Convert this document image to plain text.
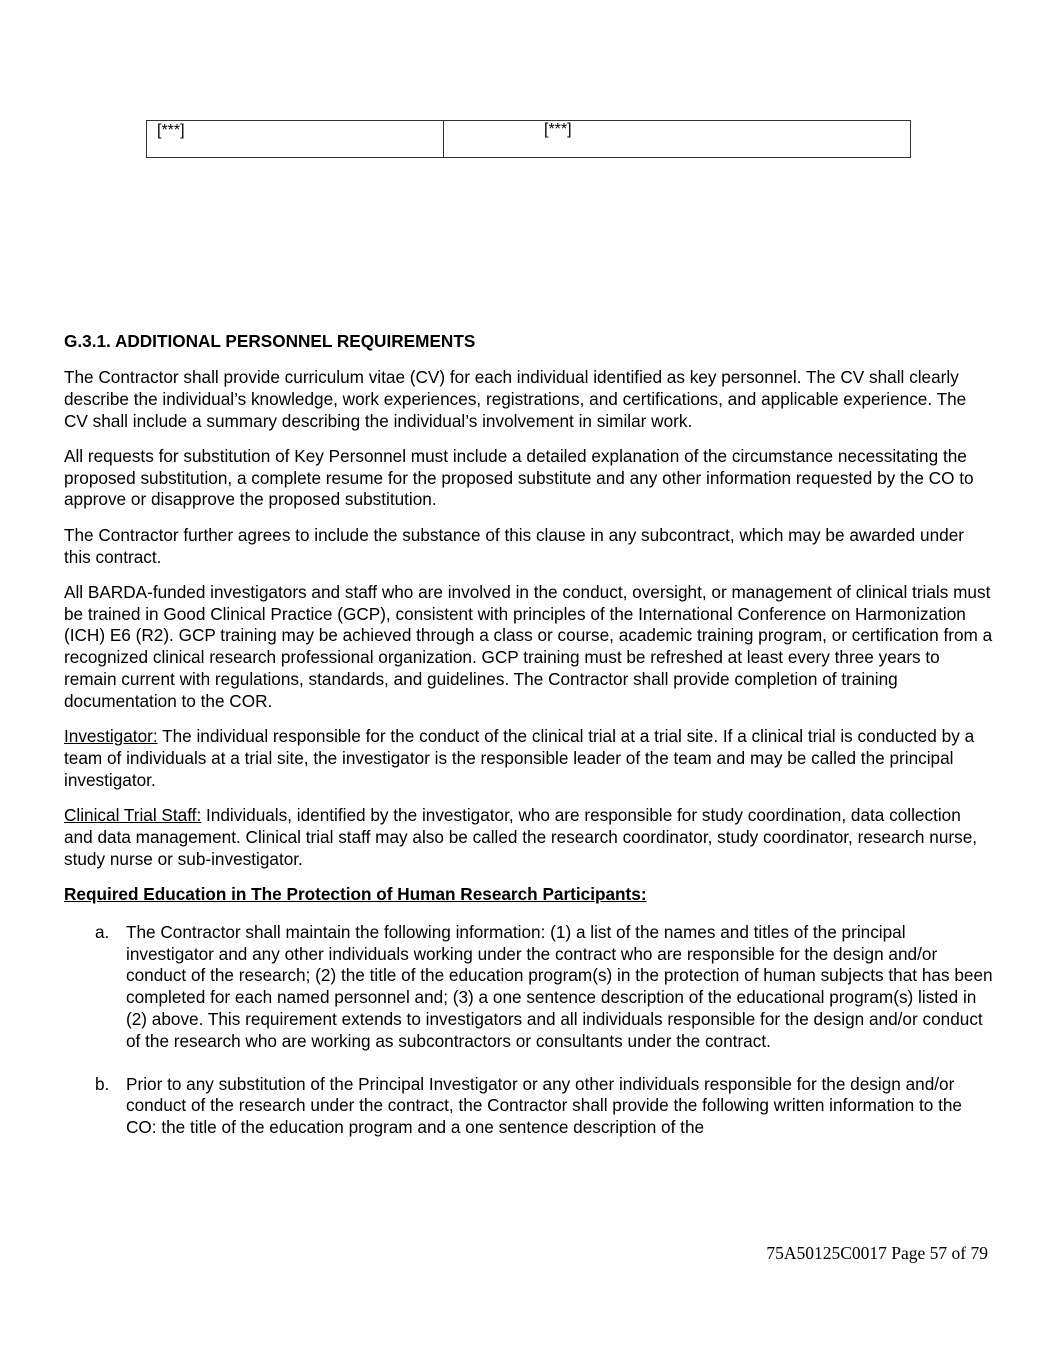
[***]	[***]
G.3.1. ADDITIONAL PERSONNEL REQUIREMENTS

The Contractor shall provide curriculum vitae (CV) for each individual identified as key personnel. The CV shall clearly describe the individual’s knowledge, work experiences, registrations, and certifications, and applicable experience. The CV shall include a summary describing the individual’s involvement in similar work.

All requests for substitution of Key Personnel must include a detailed explanation of the circumstance necessitating the proposed substitution, a complete resume for the proposed substitute and any other information requested by the CO to approve or disapprove the proposed substitution.

The Contractor further agrees to include the substance of this clause in any subcontract, which may be awarded under this contract.

All BARDA-funded investigators and staff who are involved in the conduct, oversight, or management of clinical trials must be trained in Good Clinical Practice (GCP), consistent with principles of the International Conference on Harmonization (ICH) E6 (R2). GCP training may be achieved through a class or course, academic training program, or certification from a recognized clinical research professional organization. GCP training must be refreshed at least every three years to remain current with regulations, standards, and guidelines. The Contractor shall provide completion of training documentation to the COR.

Investigator: The individual responsible for the conduct of the clinical trial at a trial site. If a clinical trial is conducted by a team of individuals at a trial site, the investigator is the responsible leader of the team and may be called the principal investigator.

Clinical Trial Staff: Individuals, identified by the investigator, who are responsible for study coordination, data collection and data management. Clinical trial staff may also be called the research coordinator, study coordinator, research nurse, study nurse or sub-investigator.

Required Education in The Protection of Human Research Participants:

a. The Contractor shall maintain the following information: (1) a list of the names and titles of the principal investigator and any other individuals working under the contract who are responsible for the design and/or conduct of the research; (2) the title of the education program(s) in the protection of human subjects that has been completed for each named personnel and; (3) a one sentence description of the educational program(s) listed in (2) above. This requirement extends to investigators and all individuals responsible for the design and/or conduct of the research who are working as subcontractors or consultants under the contract.
b. Prior to any substitution of the Principal Investigator or any other individuals responsible for the design and/or conduct of the research under the contract, the Contractor shall provide the following written information to the CO: the title of the education program and a one sentence description of the
75A50125C0017 Page 57 of 79
